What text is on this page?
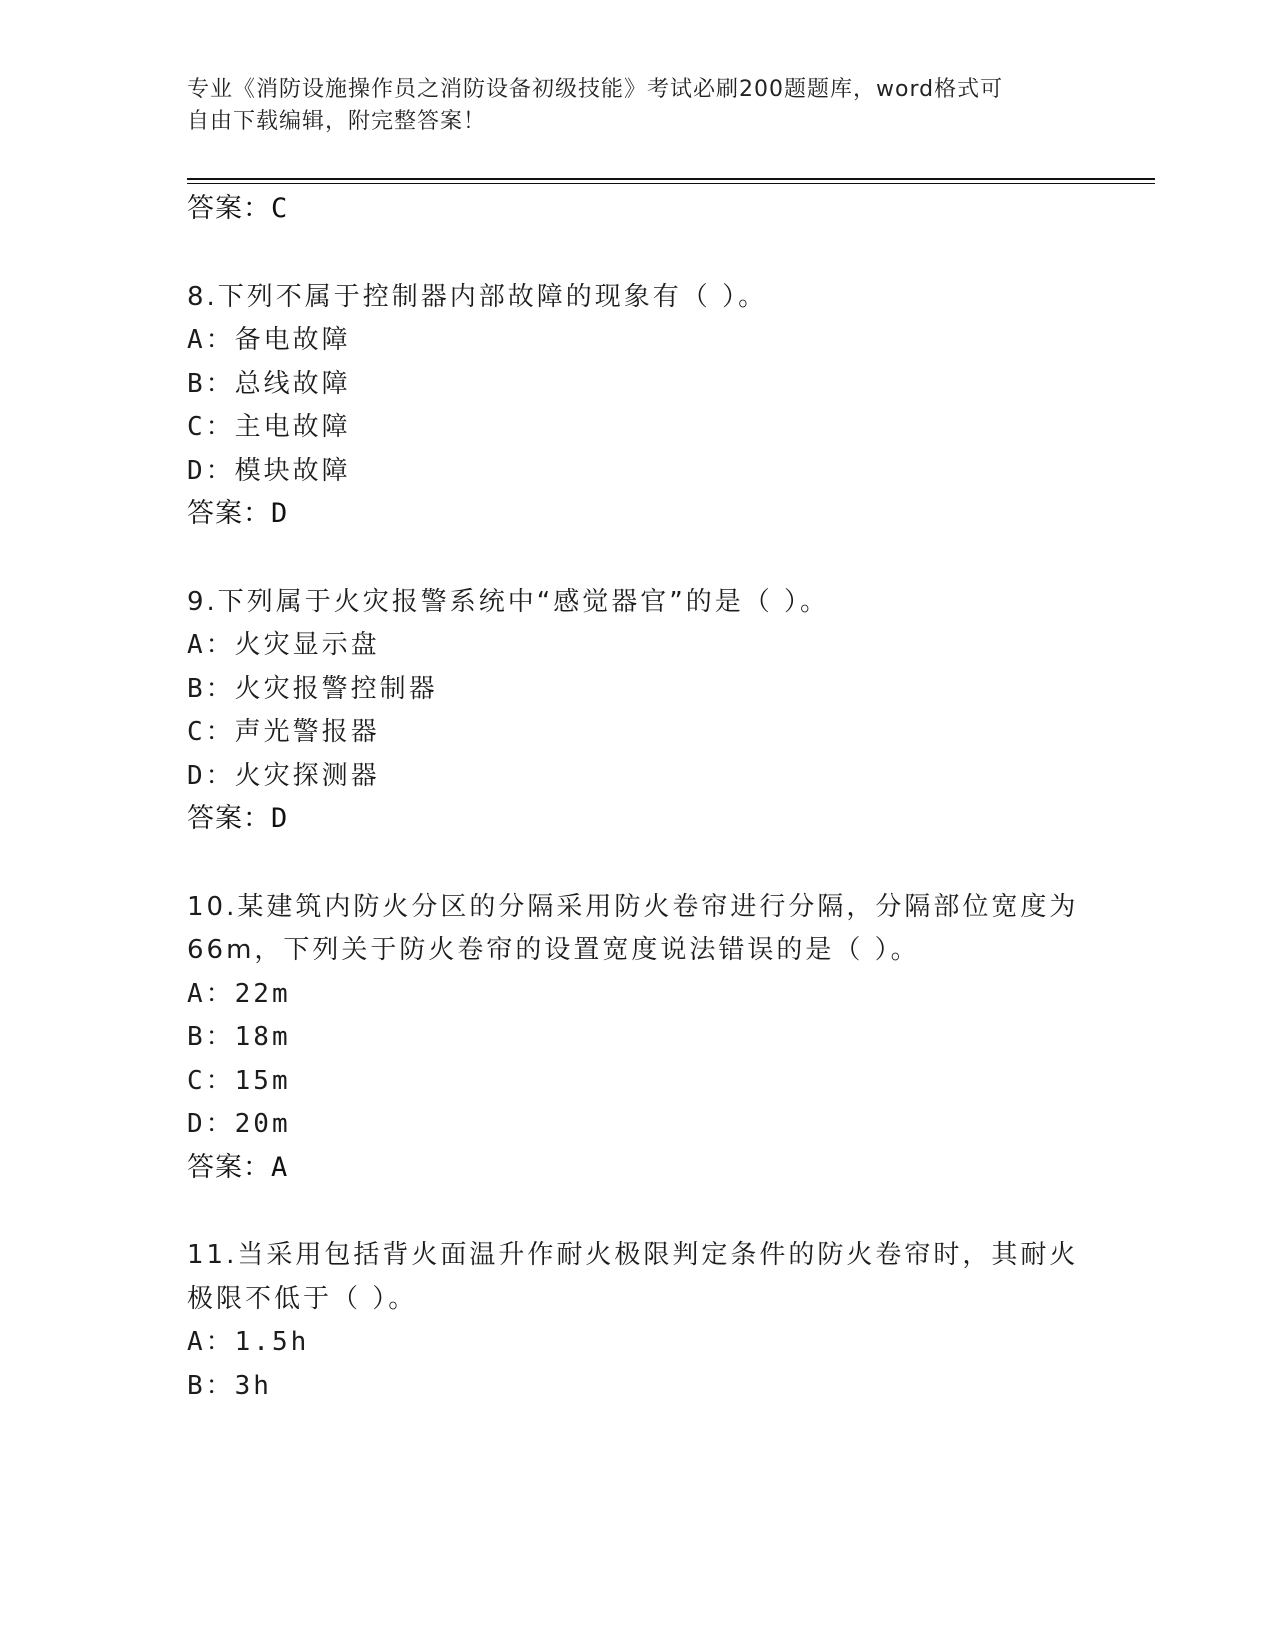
专业《消防设施操作员之消防设备初级技能》考试必刷200题题库，word格式可
自由下载编辑，附完整答案！
答案：C
8.下列不属于控制器内部故障的现象有（ ）。
A：备电故障
B：总线故障
C：主电故障
D：模块故障
答案：D
9.下列属于火灾报警系统中“感觉器官”的是（ ）。
A：火灾显示盘
B：火灾报警控制器
C：声光警报器
D：火灾探测器
答案：D
10.某建筑内防火分区的分隔采用防火卷帘进行分隔，分隔部位宽度为
66m，下列关于防火卷帘的设置宽度说法错误的是（ ）。
A：22m
B：18m
C：15m
D：20m
答案：A
11.当采用包括背火面温升作耐火极限判定条件的防火卷帘时，其耐火
极限不低于（ ）。
A：1.5h
B：3h
